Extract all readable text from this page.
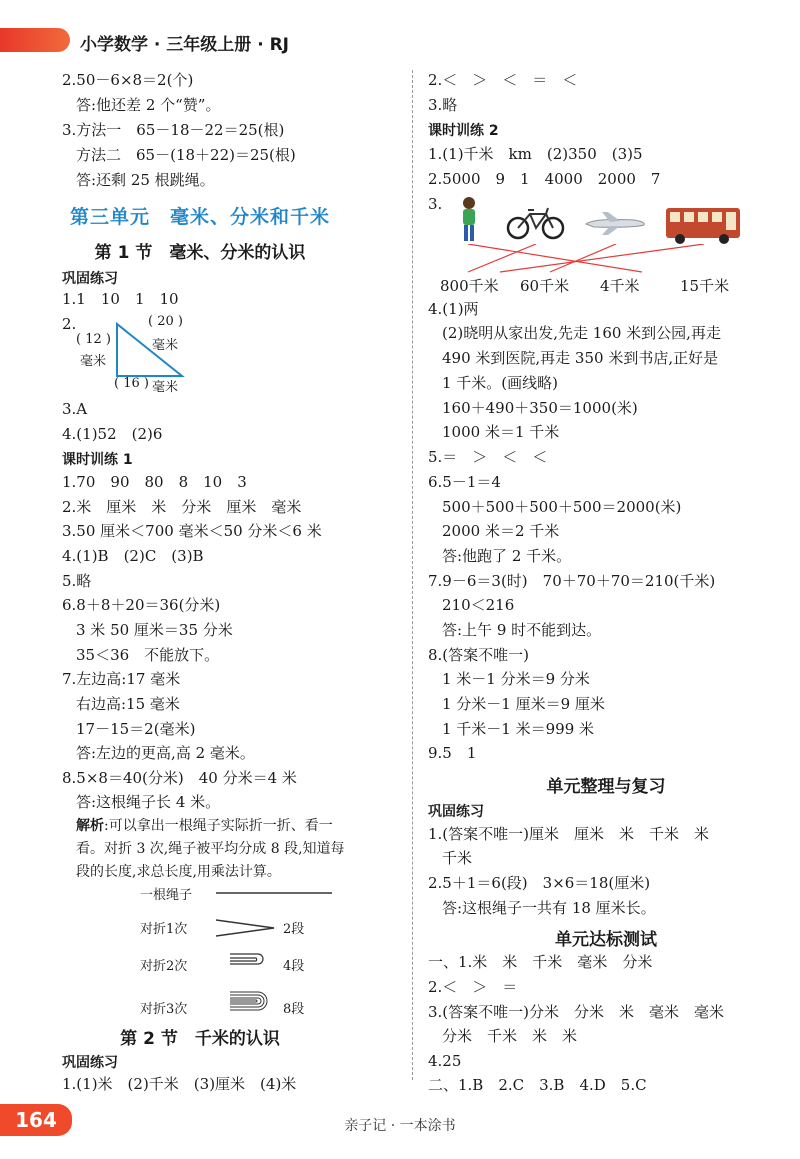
小学数学 · 三年级上册 · RJ
2.50－6×8＝2(个)
答:他还差 2 个“赞”。
3.方法一　65－18－22＝25(根)
方法二　65－(18＋22)＝25(根)
答:还剩 25 根跳绳。
第三单元　毫米、分米和千米
第 1 节　毫米、分米的认识
巩固练习
1.1　10　1　10
2.	( 20 )
毫米
( 12 )
毫米
( 16 ) 毫米
3.A
4.(1)52　(2)6
课时训练 1
1.70　90　80　8　10　3
2.米　厘米　米　分米　厘米　毫米
3.50 厘米＜700 毫米＜50 分米＜6 米
4.(1)B　(2)C　(3)B
5.略
6.8＋8＋20＝36(分米)
3 米 50 厘米＝35 分米
35＜36　不能放下。
7.左边高:17 毫米
右边高:15 毫米
17－15＝2(毫米)
答:左边的更高,高 2 毫米。
8.5×8＝40(分米)　40 分米＝4 米
答:这根绳子长 4 米。
解析:可以拿出一根绳子实际折一折、看一
看。对折 3 次,绳子被平均分成 8 段,知道每
段的长度,求总长度,用乘法计算。
一根绳子
对折1次	2段
对折2次	4段
对折3次	8段
第 2 节　千米的认识
巩固练习
1.(1)米　(2)千米　(3)厘米　(4)米
2.＜　＞　＜　＝　＜
3.略
课时训练 2
1.(1)千米　km　(2)350　(3)5
2.5000　9　1　4000　2000　7
3.
800千米 60千米 4千米	15千米
4.(1)两
(2)晓明从家出发,先走 160 米到公园,再走
490 米到医院,再走 350 米到书店,正好是
1 千米。(画线略)
160＋490＋350＝1000(米)
1000 米＝1 千米
5.＝　＞　＜　＜
6.5－1＝4
500＋500＋500＋500＝2000(米)
2000 米＝2 千米
答:他跑了 2 千米。
7.9－6＝3(时)　70＋70＋70＝210(千米)
210＜216
答:上午 9 时不能到达。
8.(答案不唯一)
1 米－1 分米＝9 分米
1 分米－1 厘米＝9 厘米
1 千米－1 米＝999 米
9.5　1
单元整理与复习
巩固练习
1.(答案不唯一)厘米　厘米　米　千米　米
千米
2.5＋1＝6(段)　3×6＝18(厘米)
答:这根绳子一共有 18 厘米长。
单元达标测试
一、1.米　米　千米　毫米　分米
2.＜　＞　＝
3.(答案不唯一)分米　分米　米　毫米　毫米
分米　千米　米　米
4.25
二、1.B　2.C　3.B　4.D　5.C
164	亲子记 · 一本涂书
